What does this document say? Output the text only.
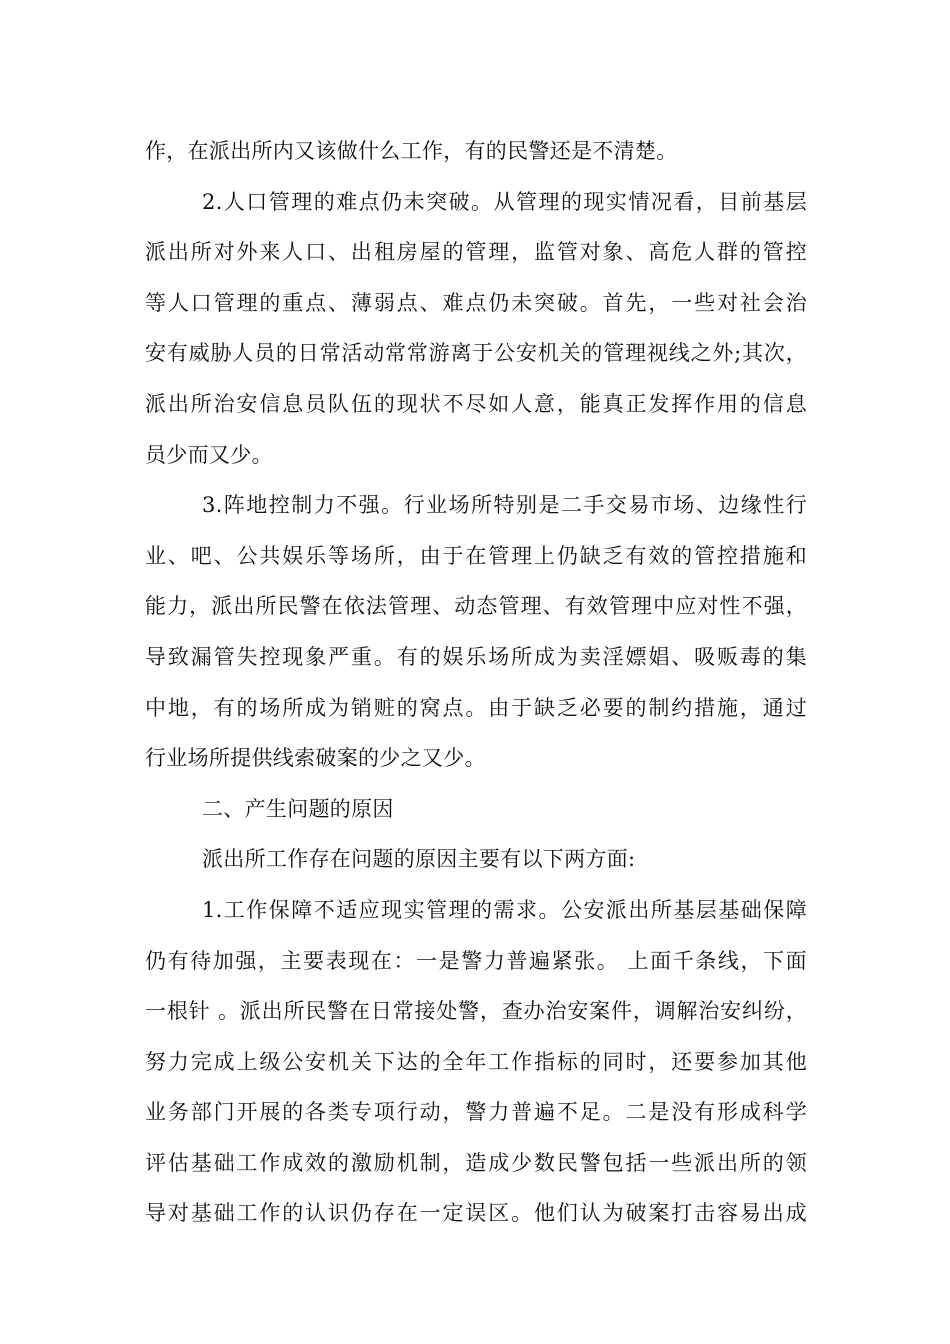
作，在派出所内又该做什么工作，有的民警还是不清楚。
2.人口管理的难点仍未突破。从管理的现实情况看，目前基层
派出所对外来人口、出租房屋的管理，监管对象、高危人群的管控
等人口管理的重点、薄弱点、难点仍未突破。首先，一些对社会治
安有威胁人员的日常活动常常游离于公安机关的管理视线之外;其次，
派出所治安信息员队伍的现状不尽如人意，能真正发挥作用的信息
员少而又少。
3.阵地控制力不强。行业场所特别是二手交易市场、边缘性行
业、吧、公共娱乐等场所，由于在管理上仍缺乏有效的管控措施和
能力，派出所民警在依法管理、动态管理、有效管理中应对性不强，
导致漏管失控现象严重。有的娱乐场所成为卖淫嫖娼、吸贩毒的集
中地，有的场所成为销赃的窝点。由于缺乏必要的制约措施，通过
行业场所提供线索破案的少之又少。
二、产生问题的原因
派出所工作存在问题的原因主要有以下两方面:
1.工作保障不适应现实管理的需求。公安派出所基层基础保障
仍有待加强，主要表现在：一是警力普遍紧张。 上面千条线，下面
一根针 。派出所民警在日常接处警，查办治安案件，调解治安纠纷，
努力完成上级公安机关下达的全年工作指标的同时，还要参加其他
业务部门开展的各类专项行动，警力普遍不足。二是没有形成科学
评估基础工作成效的激励机制，造成少数民警包括一些派出所的领
导对基础工作的认识仍存在一定误区。他们认为破案打击容易出成
